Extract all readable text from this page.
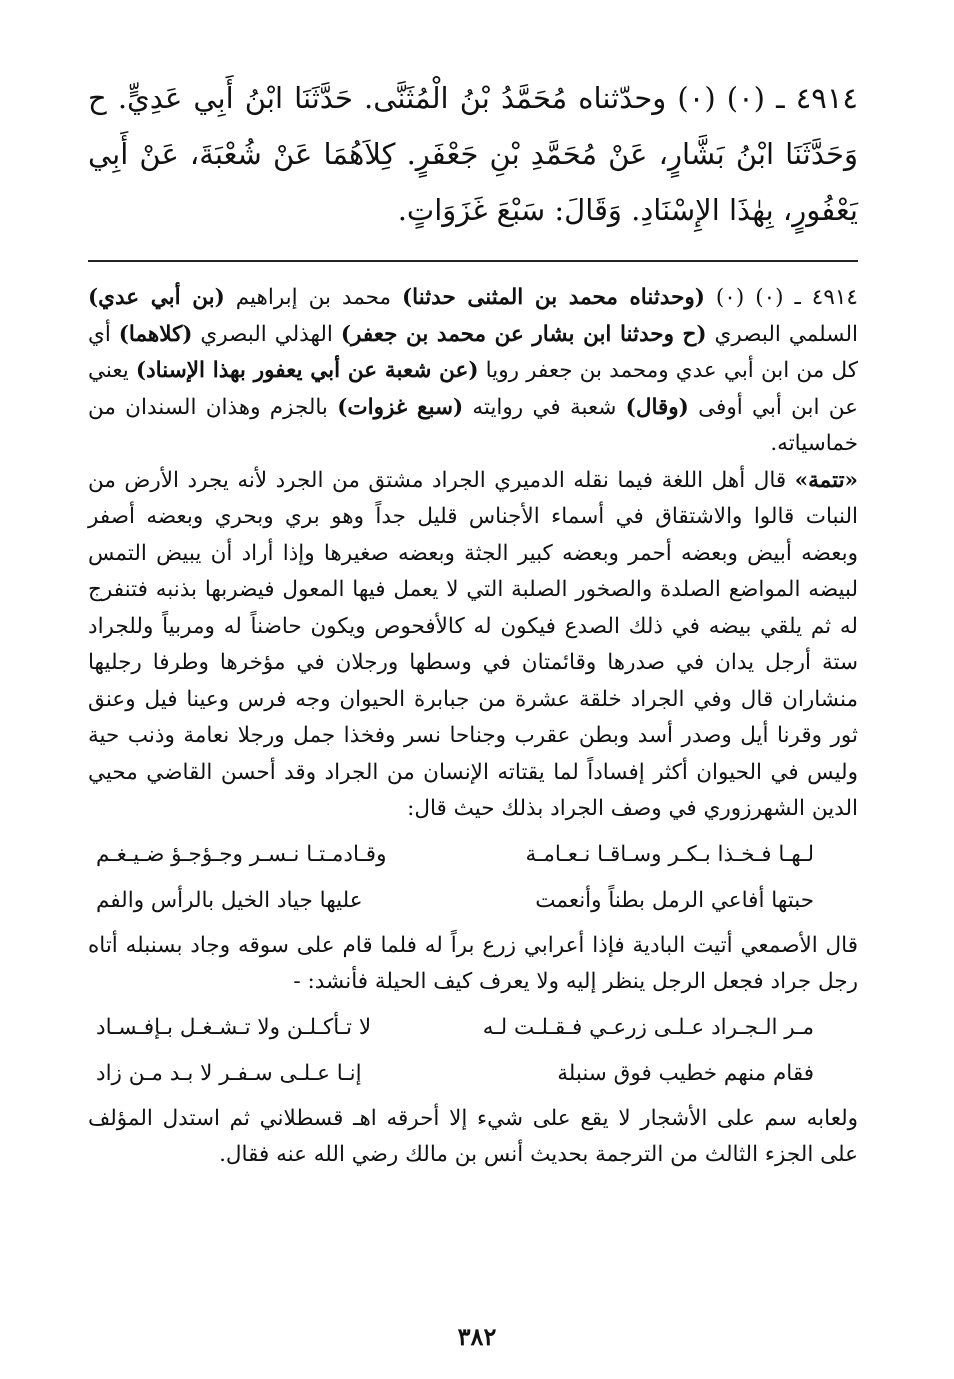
٤٩١٤ ـ (٠) (٠) وحدّثناه مُحَمَّدُ بْنُ الْمُثَنَّى. حَدَّثَنَا ابْنُ أَبِي عَدِيٍّ. ح وَحَدَّثَنَا ابْنُ بَشَّارٍ، عَنْ مُحَمَّدِ بْنِ جَعْفَرٍ. كِلاَهُمَا عَنْ شُعْبَةَ، عَنْ أَبِي يَعْفُورٍ، بِهٰذَا الإِسْنَادِ. وَقَالَ: سَبْعَ غَزَوَاتٍ.

٤٩١٤ ـ (٠) (٠) (وحدثناه محمد بن المثنى حدثنا) محمد بن إبراهيم (بن أبي عدي) السلمي البصري (ح وحدثنا ابن بشار عن محمد بن جعفر) الهذلي البصري (كلاهما) أي كل من ابن أبي عدي ومحمد بن جعفر رويا (عن شعبة عن أبي يعفور بهذا الإسناد) يعني عن ابن أبي أوفى (وقال) شعبة في روايته (سبع غزوات) بالجزم وهذان السندان من خماسياته.

«تتمة» قال أهل اللغة فيما نقله الدميري الجراد مشتق من الجرد لأنه يجرد الأرض من النبات قالوا والاشتقاق في أسماء الأجناس قليل جداً وهو بري وبحري وبعضه أصفر وبعضه أبيض وبعضه أحمر وبعضه كبير الجثة وبعضه صغيرها وإذا أراد أن يبيض التمس لبيضه المواضع الصلدة والصخور الصلبة التي لا يعمل فيها المعول فيضربها بذنبه فتنفرج له ثم يلقي بيضه في ذلك الصدع فيكون له كالأفحوص ويكون حاضناً له ومربياً وللجراد ستة أرجل يدان في صدرها وقائمتان في وسطها ورجلان في مؤخرها وطرفا رجليها منشاران قال وفي الجراد خلقة عشرة من جبابرة الحيوان وجه فرس وعينا فيل وعنق ثور وقرنا أيل وصدر أسد وبطن عقرب وجناحا نسر وفخذا جمل ورجلا نعامة وذنب حية وليس في الحيوان أكثر إفساداً لما يقتاته الإنسان من الجراد وقد أحسن القاضي محيي الدين الشهرزوري في وصف الجراد بذلك حيث قال:

لـهـا فـخـذا بـكـر وسـاقـا نـعـامـة
وقـادمـتـا نـسـر وجـؤجـؤ ضـيـغـم
حبتها أفاعي الرمل بطناً وأنعمت
عليها جياد الخيل بالرأس والفم

قال الأصمعي أتيت البادية فإذا أعرابي زرع براً له فلما قام على سوقه وجاد بسنبله أتاه رجل جراد فجعل الرجل ينظر إليه ولا يعرف كيف الحيلة فأنشد: -

مـر الـجـراد عـلـى زرعـي فـقـلـت لـه
لا تـأكـلـن ولا تـشـغـل بـإفـسـاد
فقام منهم خطيب فوق سنبلة
إنـا عـلـى سـفـر لا بـد مـن زاد

ولعابه سم على الأشجار لا يقع على شيء إلا أحرقه اهـ قسطلاني ثم استدل المؤلف على الجزء الثالث من الترجمة بحديث أنس بن مالك رضي الله عنه فقال.

٣٨٢
